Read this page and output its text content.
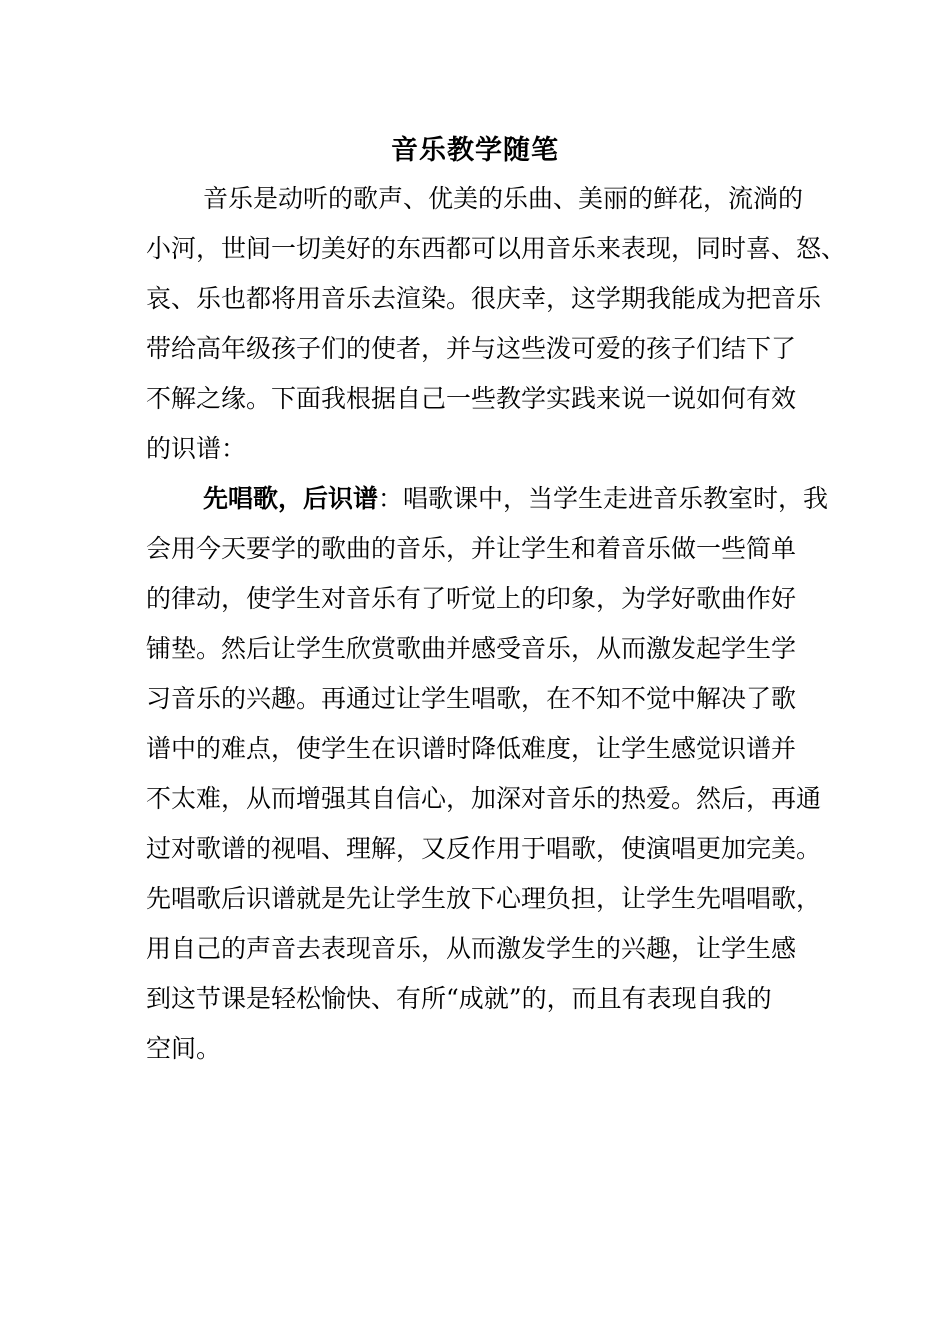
音乐教学随笔
音乐是动听的歌声、优美的乐曲、美丽的鲜花，流淌的
小河，世间一切美好的东西都可以用音乐来表现，同时喜、怒、
哀、乐也都将用音乐去渲染。很庆幸，这学期我能成为把音乐
带给高年级孩子们的使者，并与这些泼可爱的孩子们结下了
不解之缘。下面我根据自己一些教学实践来说一说如何有效
的识谱：
先唱歌，后识谱：唱歌课中，当学生走进音乐教室时，我
会用今天要学的歌曲的音乐，并让学生和着音乐做一些简单
的律动，使学生对音乐有了听觉上的印象，为学好歌曲作好
铺垫。然后让学生欣赏歌曲并感受音乐，从而激发起学生学
习音乐的兴趣。再通过让学生唱歌，在不知不觉中解决了歌
谱中的难点，使学生在识谱时降低难度，让学生感觉识谱并
不太难，从而增强其自信心，加深对音乐的热爱。然后，再通
过对歌谱的视唱、理解，又反作用于唱歌，使演唱更加完美。
先唱歌后识谱就是先让学生放下心理负担，让学生先唱唱歌，
用自己的声音去表现音乐，从而激发学生的兴趣，让学生感
到这节课是轻松愉快、有所“成就”的，而且有表现自我的
空间。
